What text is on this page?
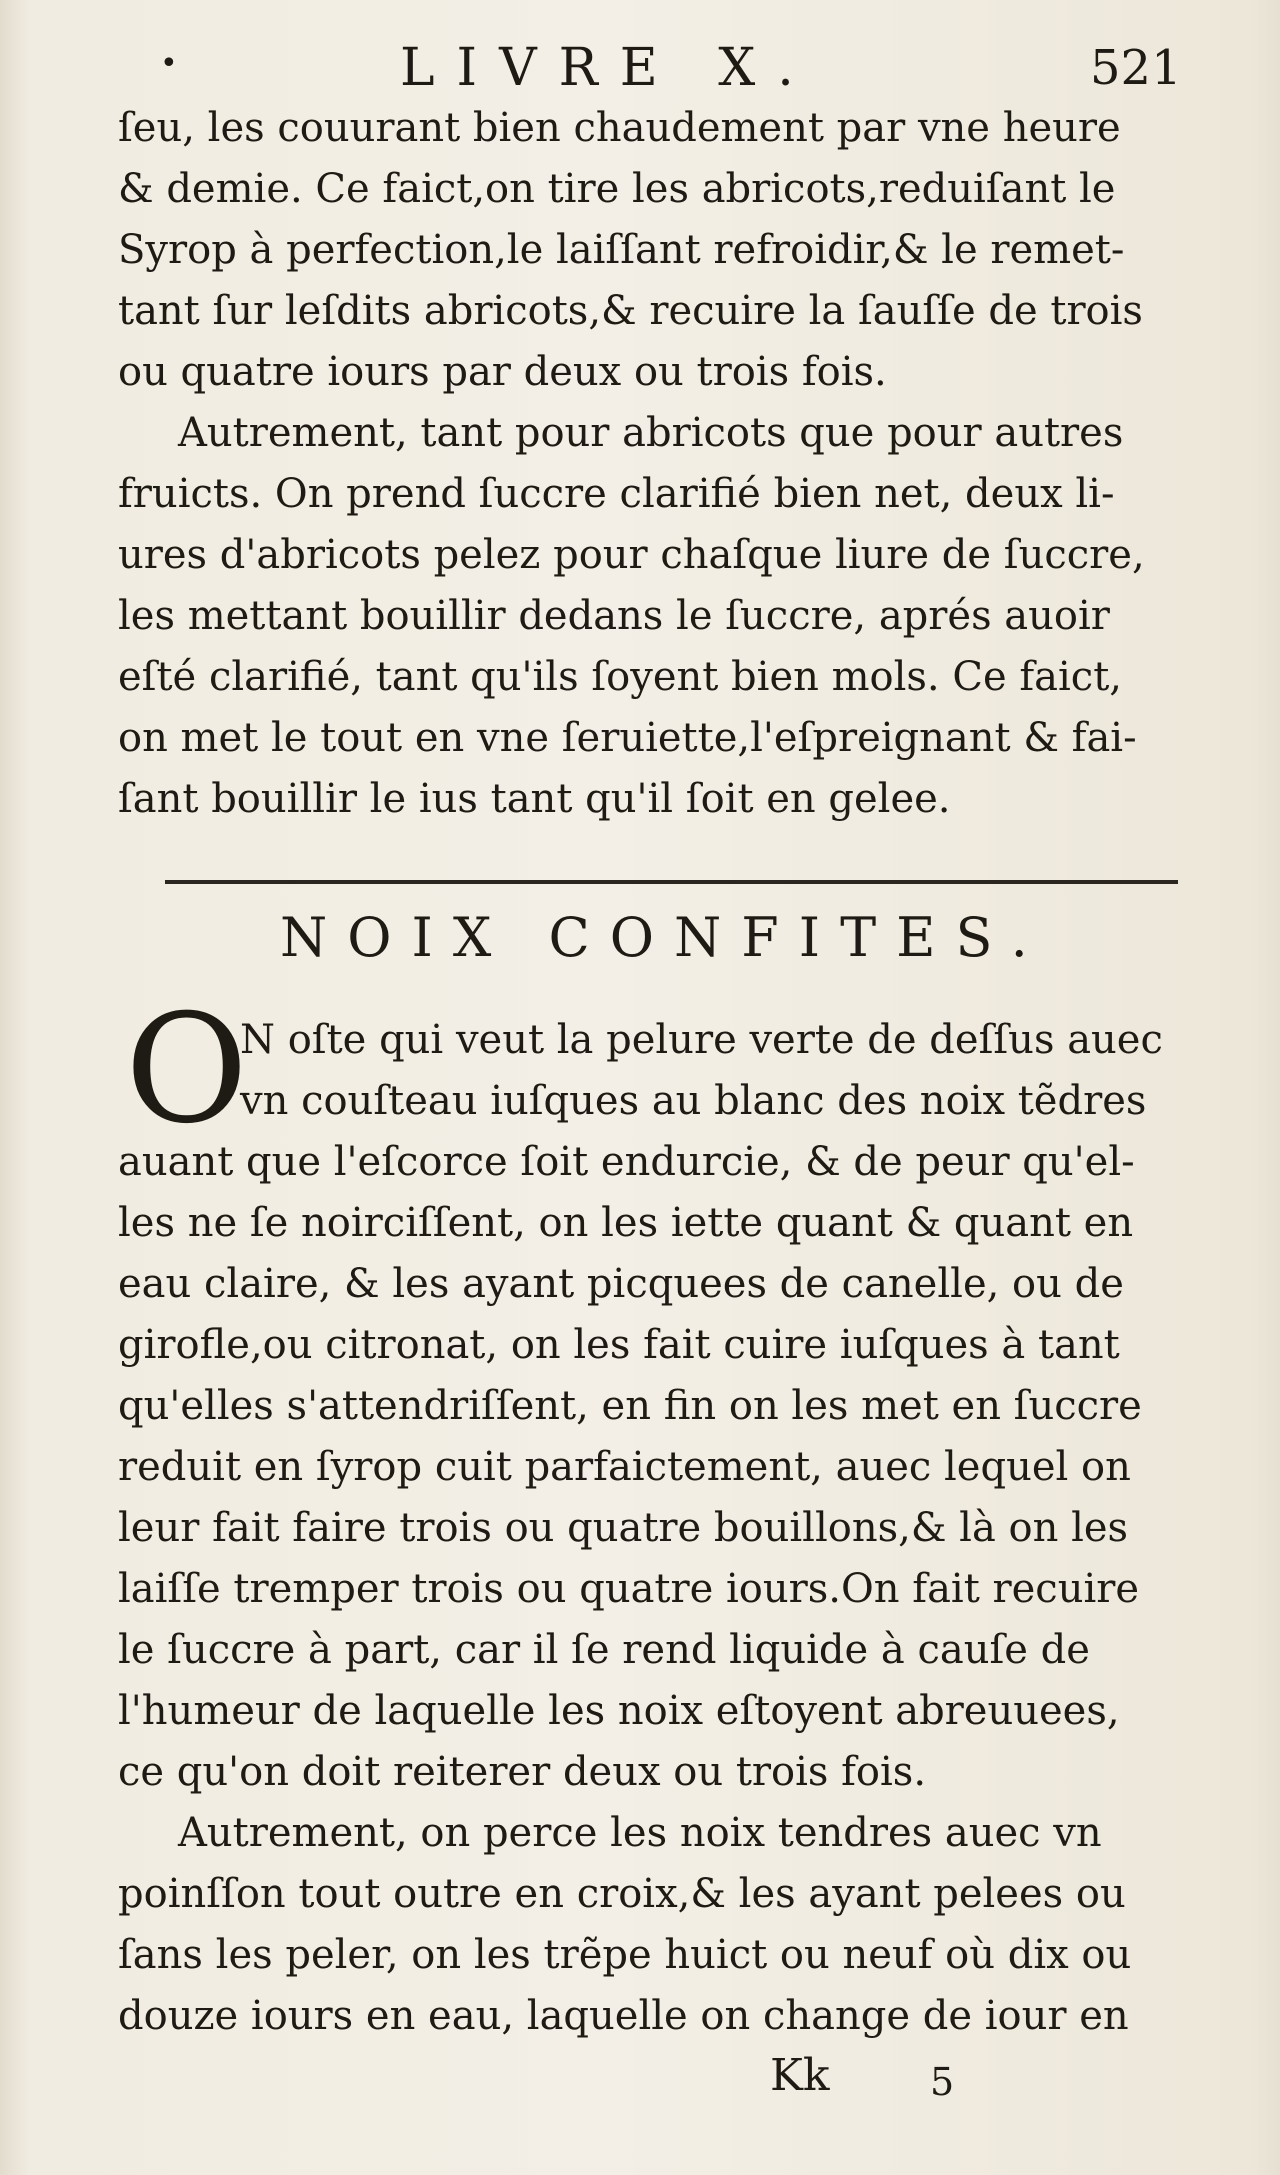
•	LIVRE X.	521
ſeu, les couurant bien chaudement par vne heure
& demie. Ce faict,on tire les abricots,reduiſant le
Syrop à perfection,le laiſſant refroidir,& le remet-
tant ſur leſdits abricots,& recuire la ſauſſe de trois
ou quatre iours par deux ou trois fois.
Autrement, tant pour abricots que pour autres
fruicts. On prend ſuccre clarifié bien net, deux li-
ures d'abricots pelez pour chaſque liure de ſuccre,
les mettant bouillir dedans le ſuccre, aprés auoir
eſté clarifié, tant qu'ils ſoyent bien mols. Ce faict,
on met le tout en vne ſeruiette,l'eſpreignant & fai-
ſant bouillir le ius tant qu'il ſoit en gelee.
NOIX CONFITES.
O
N oſte qui veut la pelure verte de deſſus auec
vn couſteau iuſques au blanc des noix tẽdres
auant que l'eſcorce ſoit endurcie, & de peur qu'el-
les ne ſe noirciſſent, on les iette quant & quant en
eau claire, & les ayant picquees de canelle, ou de
girofle,ou citronat, on les fait cuire iuſques à tant
qu'elles s'attendriſſent, en fin on les met en ſuccre
reduit en ſyrop cuit parfaictement, auec lequel on
leur fait faire trois ou quatre bouillons,& là on les
laiſſe tremper trois ou quatre iours.On fait recuire
le ſuccre à part, car il ſe rend liquide à cauſe de
l'humeur de laquelle les noix eſtoyent abreuuees,
ce qu'on doit reiterer deux ou trois fois.
Autrement, on perce les noix tendres auec vn
poinſſon tout outre en croix,& les ayant pelees ou
ſans les peler, on les trẽpe huict ou neuf où dix ou
douze iours en eau, laquelle on change de iour en
Kk	5
